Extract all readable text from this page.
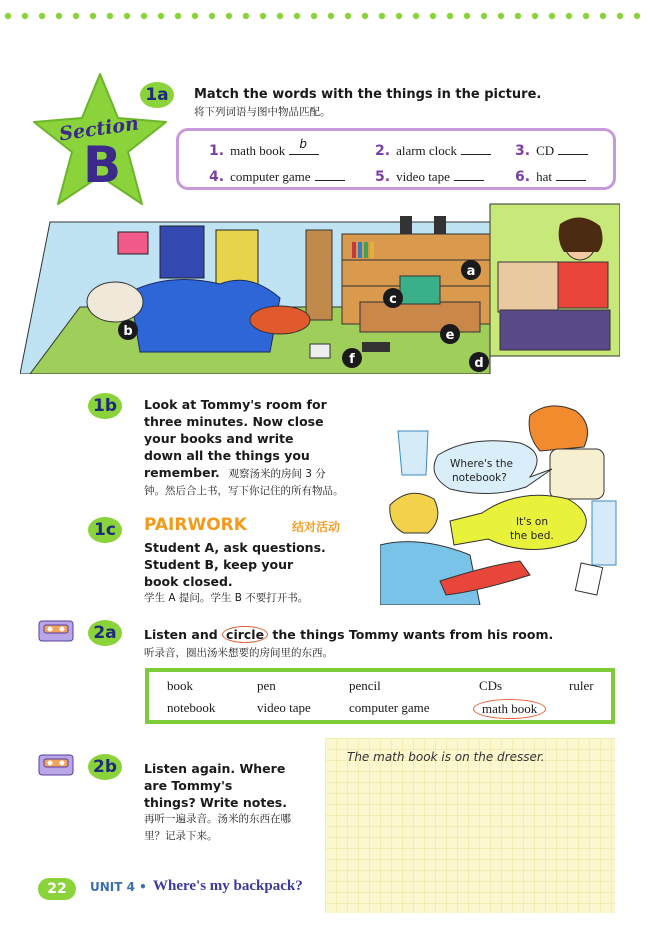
Section
B
1a	Match the words with the things in the picture.
将下列词语与图中物品匹配。
1. math book b	2. alarm clock	3. CD
4. computer game	5. video tape	6. hat
a
b
c
d
e
f
1b	Look at Tommy's room for
three minutes. Now close
your books and write
down all the things you
remember. 观察汤米的房间 3 分
钟。然后合上书，写下你记住的所有物品。
1c	PAIRWORK	结对活动
Student A, ask questions.
Student B, keep your
book closed.
学生 A 提问。学生 B 不要打开书。
Where's the
notebook?
It's on
the bed.
2a	Listen and circle the things Tommy wants from his room.
听录音，圈出汤米想要的房间里的东西。
book	pen	pencil	CDs	ruler
notebook	video tape	computer game	math book
2b	Listen again. Where
are Tommy's
things? Write notes.
再听一遍录音。汤米的东西在哪
里？记录下来。
The math book is on the dresser.
22	UNIT 4 • Where's my backpack?
